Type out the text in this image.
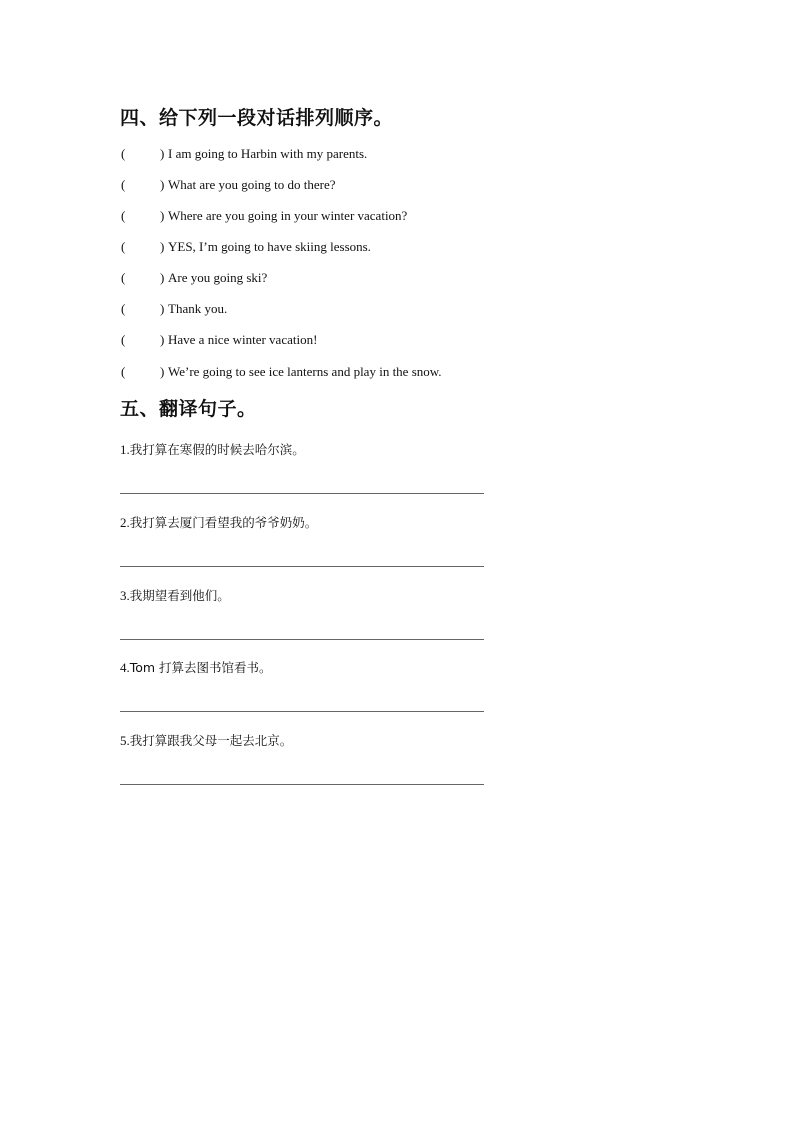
四、给下列一段对话排列顺序。
(	) I am going to Harbin with my parents.
(	) What are you going to do there?
(	) Where are you going in your winter vacation?
(	) YES, I’m going to have skiing lessons.
(	) Are you going ski?
(	) Thank you.
(	) Have a nice winter vacation!
(	) We’re going to see ice lanterns and play in the snow.
五、翻译句子。
1.我打算在寒假的时候去哈尔滨。
2.我打算去厦门看望我的爷爷奶奶。
3.我期望看到他们。
4.Tom 打算去图书馆看书。
5.我打算跟我父母一起去北京。
